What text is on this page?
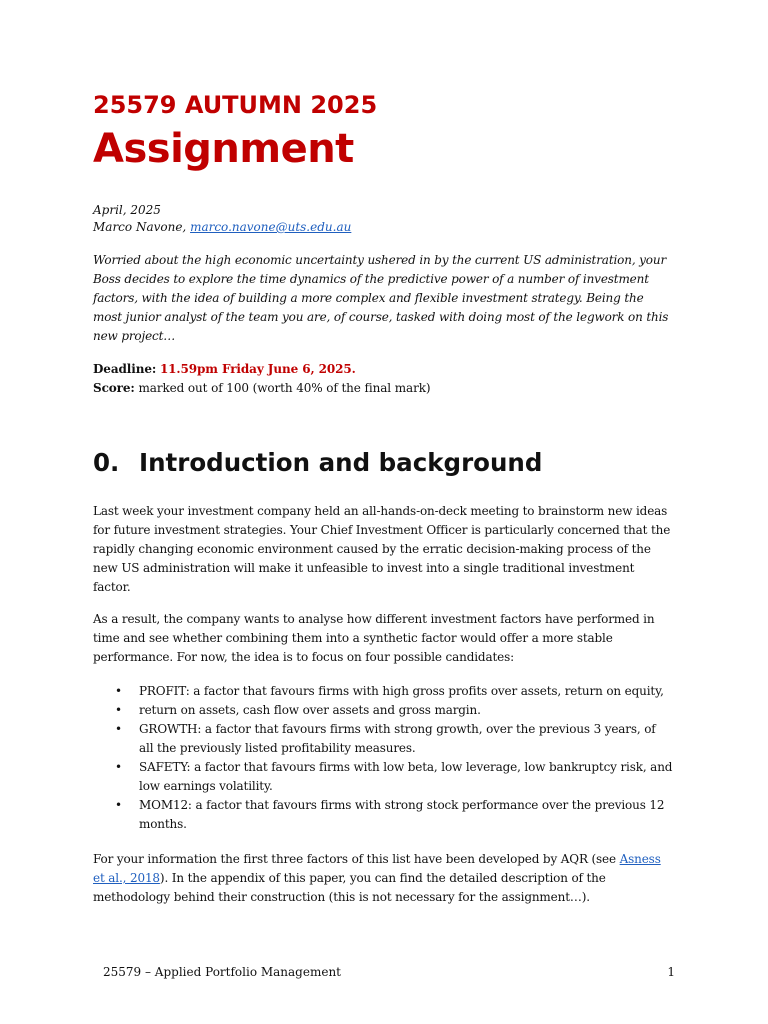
25579 AUTUMN 2025
Assignment
April, 2025
Marco Navone, marco.navone@uts.edu.au
Worried about the high economic uncertainty ushered in by the current US administration, your Boss decides to explore the time dynamics of the predictive power of a number of investment factors, with the idea of building a more complex and flexible investment strategy. Being the most junior analyst of the team you are, of course, tasked with doing most of the legwork on this new project…
Deadline: 11.59pm Friday June 6, 2025.
Score: marked out of 100 (worth 40% of the final mark)
0. Introduction and background
Last week your investment company held an all-hands-on-deck meeting to brainstorm new ideas for future investment strategies. Your Chief Investment Officer is particularly concerned that the rapidly changing economic environment caused by the erratic decision-making process of the new US administration will make it unfeasible to invest into a single traditional investment factor.
As a result, the company wants to analyse how different investment factors have performed in time and see whether combining them into a synthetic factor would offer a more stable performance. For now, the idea is to focus on four possible candidates:
• PROFIT: a factor that favours firms with high gross profits over assets, return on equity,
• return on assets, cash flow over assets and gross margin.
• GROWTH: a factor that favours firms with strong growth, over the previous 3 years, of all the previously listed profitability measures.
• SAFETY: a factor that favours firms with low beta, low leverage, low bankruptcy risk, and low earnings volatility.
• MOM12: a factor that favours firms with strong stock performance over the previous 12 months.
For your information the first three factors of this list have been developed by AQR (see Asness et al., 2018). In the appendix of this paper, you can find the detailed description of the methodology behind their construction (this is not necessary for the assignment…).
25579 – Applied Portfolio Management	1
